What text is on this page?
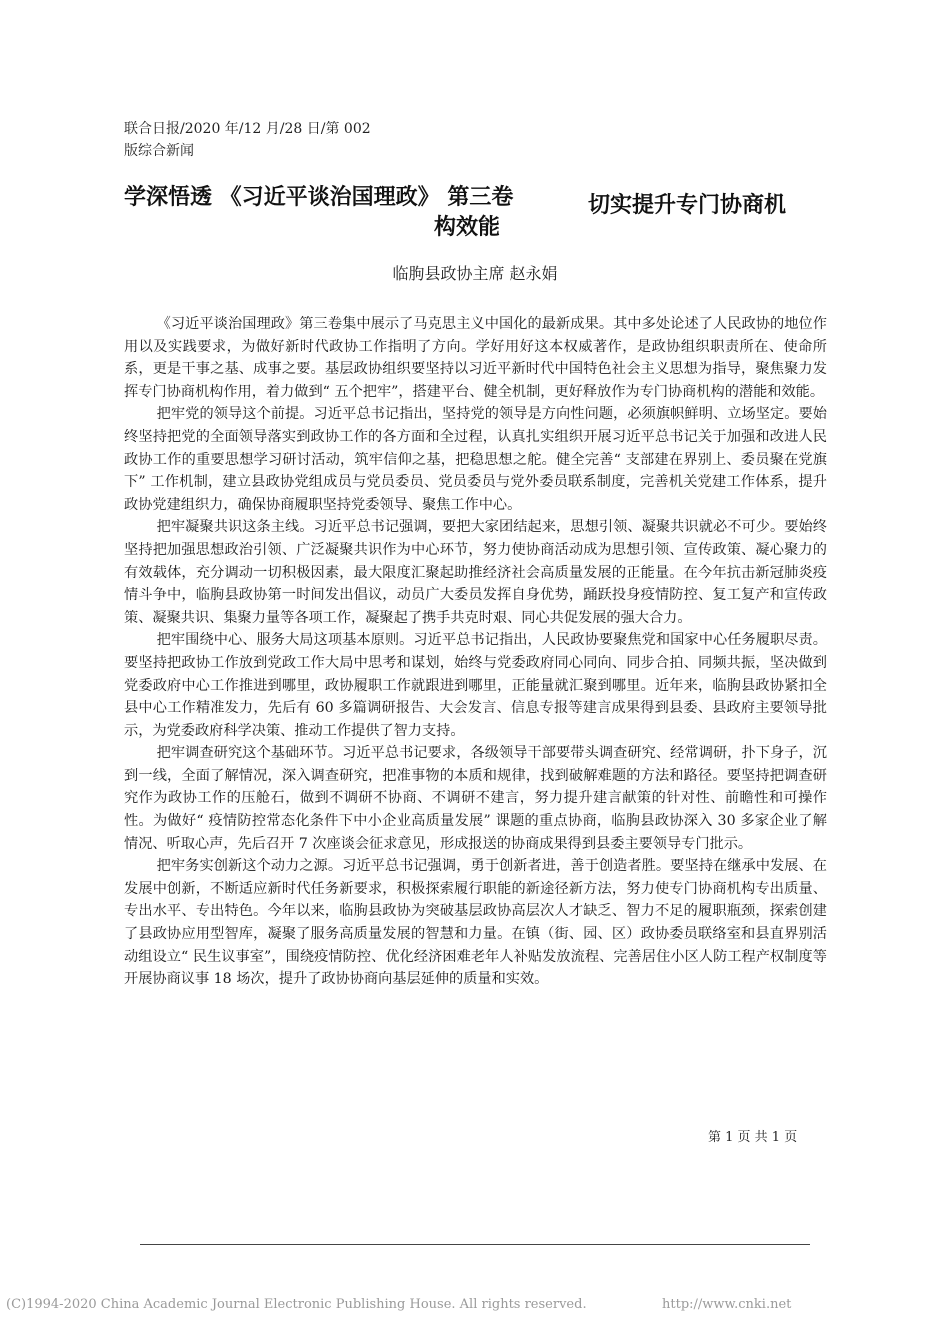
联合日报/2020 年/12 月/28 日/第 002
版综合新闻
学深悟透 《习近平谈治国理政》 第三卷	切实提升专门协商机
构效能
临朐县政协主席 赵永娟

《习近平谈治国理政》第三卷集中展示了马克思主义中国化的最新成果。其中多处论述了人民政协的地位作用以及实践要求，为做好新时代政协工作指明了方向。学好用好这本权威著作，是政协组织职责所在、使命所系，更是干事之基、成事之要。基层政协组织要坚持以习近平新时代中国特色社会主义思想为指导，聚焦聚力发挥专门协商机构作用，着力做到“ 五个把牢”，搭建平台、健全机制，更好释放作为专门协商机构的潜能和效能。

把牢党的领导这个前提。习近平总书记指出，坚持党的领导是方向性问题，必须旗帜鲜明、立场坚定。要始终坚持把党的全面领导落实到政协工作的各方面和全过程，认真扎实组织开展习近平总书记关于加强和改进人民政协工作的重要思想学习研讨活动，筑牢信仰之基，把稳思想之舵。健全完善“ 支部建在界别上、委员聚在党旗下” 工作机制，建立县政协党组成员与党员委员、党员委员与党外委员联系制度，完善机关党建工作体系，提升政协党建组织力，确保协商履职坚持党委领导、聚焦工作中心。

把牢凝聚共识这条主线。习近平总书记强调，要把大家团结起来，思想引领、凝聚共识就必不可少。要始终坚持把加强思想政治引领、广泛凝聚共识作为中心环节，努力使协商活动成为思想引领、宣传政策、凝心聚力的有效载体，充分调动一切积极因素，最大限度汇聚起助推经济社会高质量发展的正能量。在今年抗击新冠肺炎疫情斗争中，临朐县政协第一时间发出倡议，动员广大委员发挥自身优势，踊跃投身疫情防控、复工复产和宣传政策、凝聚共识、集聚力量等各项工作，凝聚起了携手共克时艰、同心共促发展的强大合力。

把牢围绕中心、服务大局这项基本原则。习近平总书记指出，人民政协要聚焦党和国家中心任务履职尽责。要坚持把政协工作放到党政工作大局中思考和谋划，始终与党委政府同心同向、同步合拍、同频共振，坚决做到党委政府中心工作推进到哪里，政协履职工作就跟进到哪里，正能量就汇聚到哪里。近年来，临朐县政协紧扣全县中心工作精准发力，先后有 60 多篇调研报告、大会发言、信息专报等建言成果得到县委、县政府主要领导批示，为党委政府科学决策、推动工作提供了智力支持。

把牢调查研究这个基础环节。习近平总书记要求，各级领导干部要带头调查研究、经常调研，扑下身子，沉到一线，全面了解情况，深入调查研究，把准事物的本质和规律，找到破解难题的方法和路径。要坚持把调查研究作为政协工作的压舱石，做到不调研不协商、不调研不建言，努力提升建言献策的针对性、前瞻性和可操作性。为做好“ 疫情防控常态化条件下中小企业高质量发展” 课题的重点协商，临朐县政协深入 30 多家企业了解情况、听取心声，先后召开 7 次座谈会征求意见，形成报送的协商成果得到县委主要领导专门批示。

把牢务实创新这个动力之源。习近平总书记强调，勇于创新者进，善于创造者胜。要坚持在继承中发展、在发展中创新，不断适应新时代任务新要求，积极探索履行职能的新途径新方法，努力使专门协商机构专出质量、专出水平、专出特色。今年以来，临朐县政协为突破基层政协高层次人才缺乏、智力不足的履职瓶颈，探索创建了县政协应用型智库，凝聚了服务高质量发展的智慧和力量。在镇（街、园、区）政协委员联络室和县直界别活动组设立“ 民生议事室”，围绕疫情防控、优化经济困难老年人补贴发放流程、完善居住小区人防工程产权制度等开展协商议事 18 场次，提升了政协协商向基层延伸的质量和实效。

第 1 页 共 1 页
(C)1994-2020 China Academic Journal Electronic Publishing House. All rights reserved.	http://www.cnki.net
